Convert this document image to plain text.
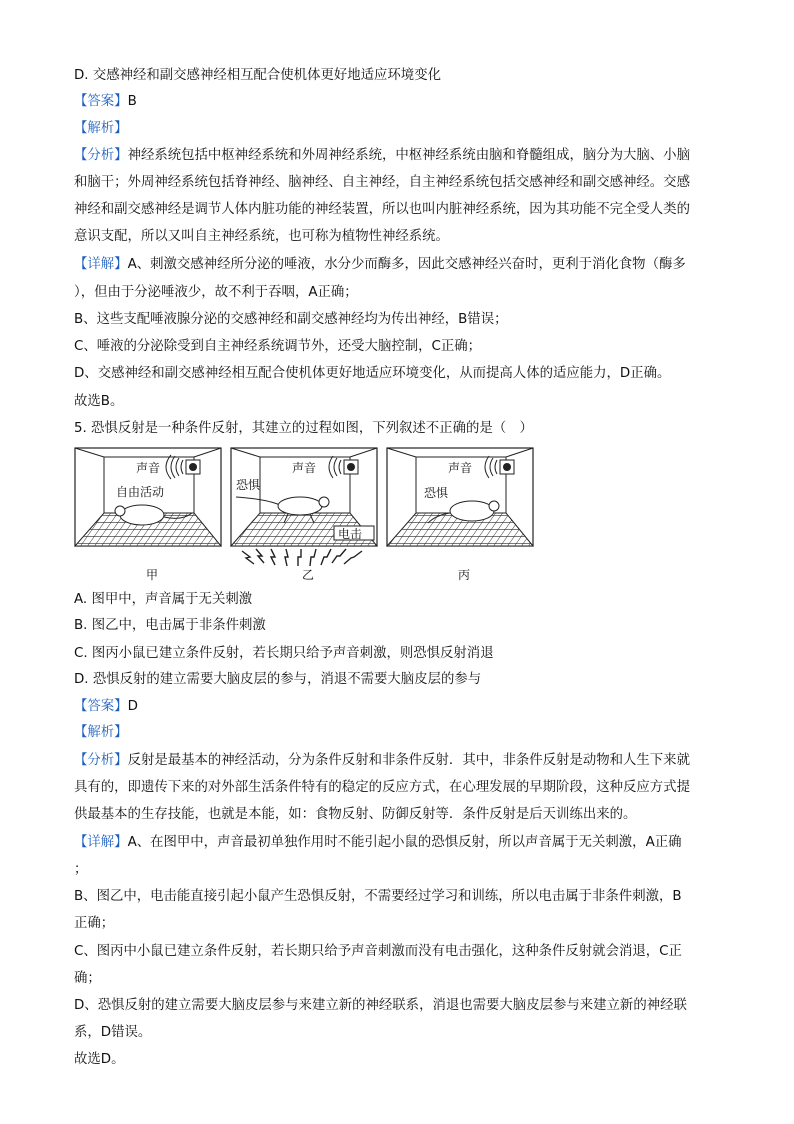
D. 交感神经和副交感神经相互配合使机体更好地适应环境变化
【答案】B
【解析】
【分析】神经系统包括中枢神经系统和外周神经系统，中枢神经系统由脑和脊髓组成，脑分为大脑、小脑
和脑干；外周神经系统包括脊神经、脑神经、自主神经，自主神经系统包括交感神经和副交感神经。交感
神经和副交感神经是调节人体内脏功能的神经装置，所以也叫内脏神经系统，因为其功能不完全受人类的
意识支配，所以又叫自主神经系统，也可称为植物性神经系统。
【详解】A、刺激交感神经所分泌的唾液，水分少而酶多，因此交感神经兴奋时，更利于消化食物（酶多
），但由于分泌唾液少，故不利于吞咽，A正确；
B、这些支配唾液腺分泌的交感神经和副交感神经均为传出神经，B错误；
C、唾液的分泌除受到自主神经系统调节外，还受大脑控制，C正确；
D、交感神经和副交感神经相互配合使机体更好地适应环境变化，从而提高人体的适应能力，D正确。
故选B。
5. 恐惧反射是一种条件反射，其建立的过程如图，下列叙述不正确的是（　）
声音
自由活动
声音
恐惧
电击
声音
恐惧
甲	乙	丙
A. 图甲中，声音属于无关刺激
B. 图乙中，电击属于非条件刺激
C. 图丙小鼠已建立条件反射，若长期只给予声音刺激，则恐惧反射消退
D. 恐惧反射的建立需要大脑皮层的参与，消退不需要大脑皮层的参与
【答案】D
【解析】
【分析】反射是最基本的神经活动，分为条件反射和非条件反射．其中，非条件反射是动物和人生下来就
具有的，即遗传下来的对外部生活条件特有的稳定的反应方式，在心理发展的早期阶段，这种反应方式提
供最基本的生存技能，也就是本能，如：食物反射、防御反射等．条件反射是后天训练出来的。
【详解】A、在图甲中，声音最初单独作用时不能引起小鼠的恐惧反射，所以声音属于无关刺激，A正确
；
B、图乙中，电击能直接引起小鼠产生恐惧反射，不需要经过学习和训练，所以电击属于非条件刺激，B
正确；
C、图丙中小鼠已建立条件反射，若长期只给予声音刺激而没有电击强化，这种条件反射就会消退，C正
确；
D、恐惧反射的建立需要大脑皮层参与来建立新的神经联系，消退也需要大脑皮层参与来建立新的神经联
系，D错误。
故选D。
